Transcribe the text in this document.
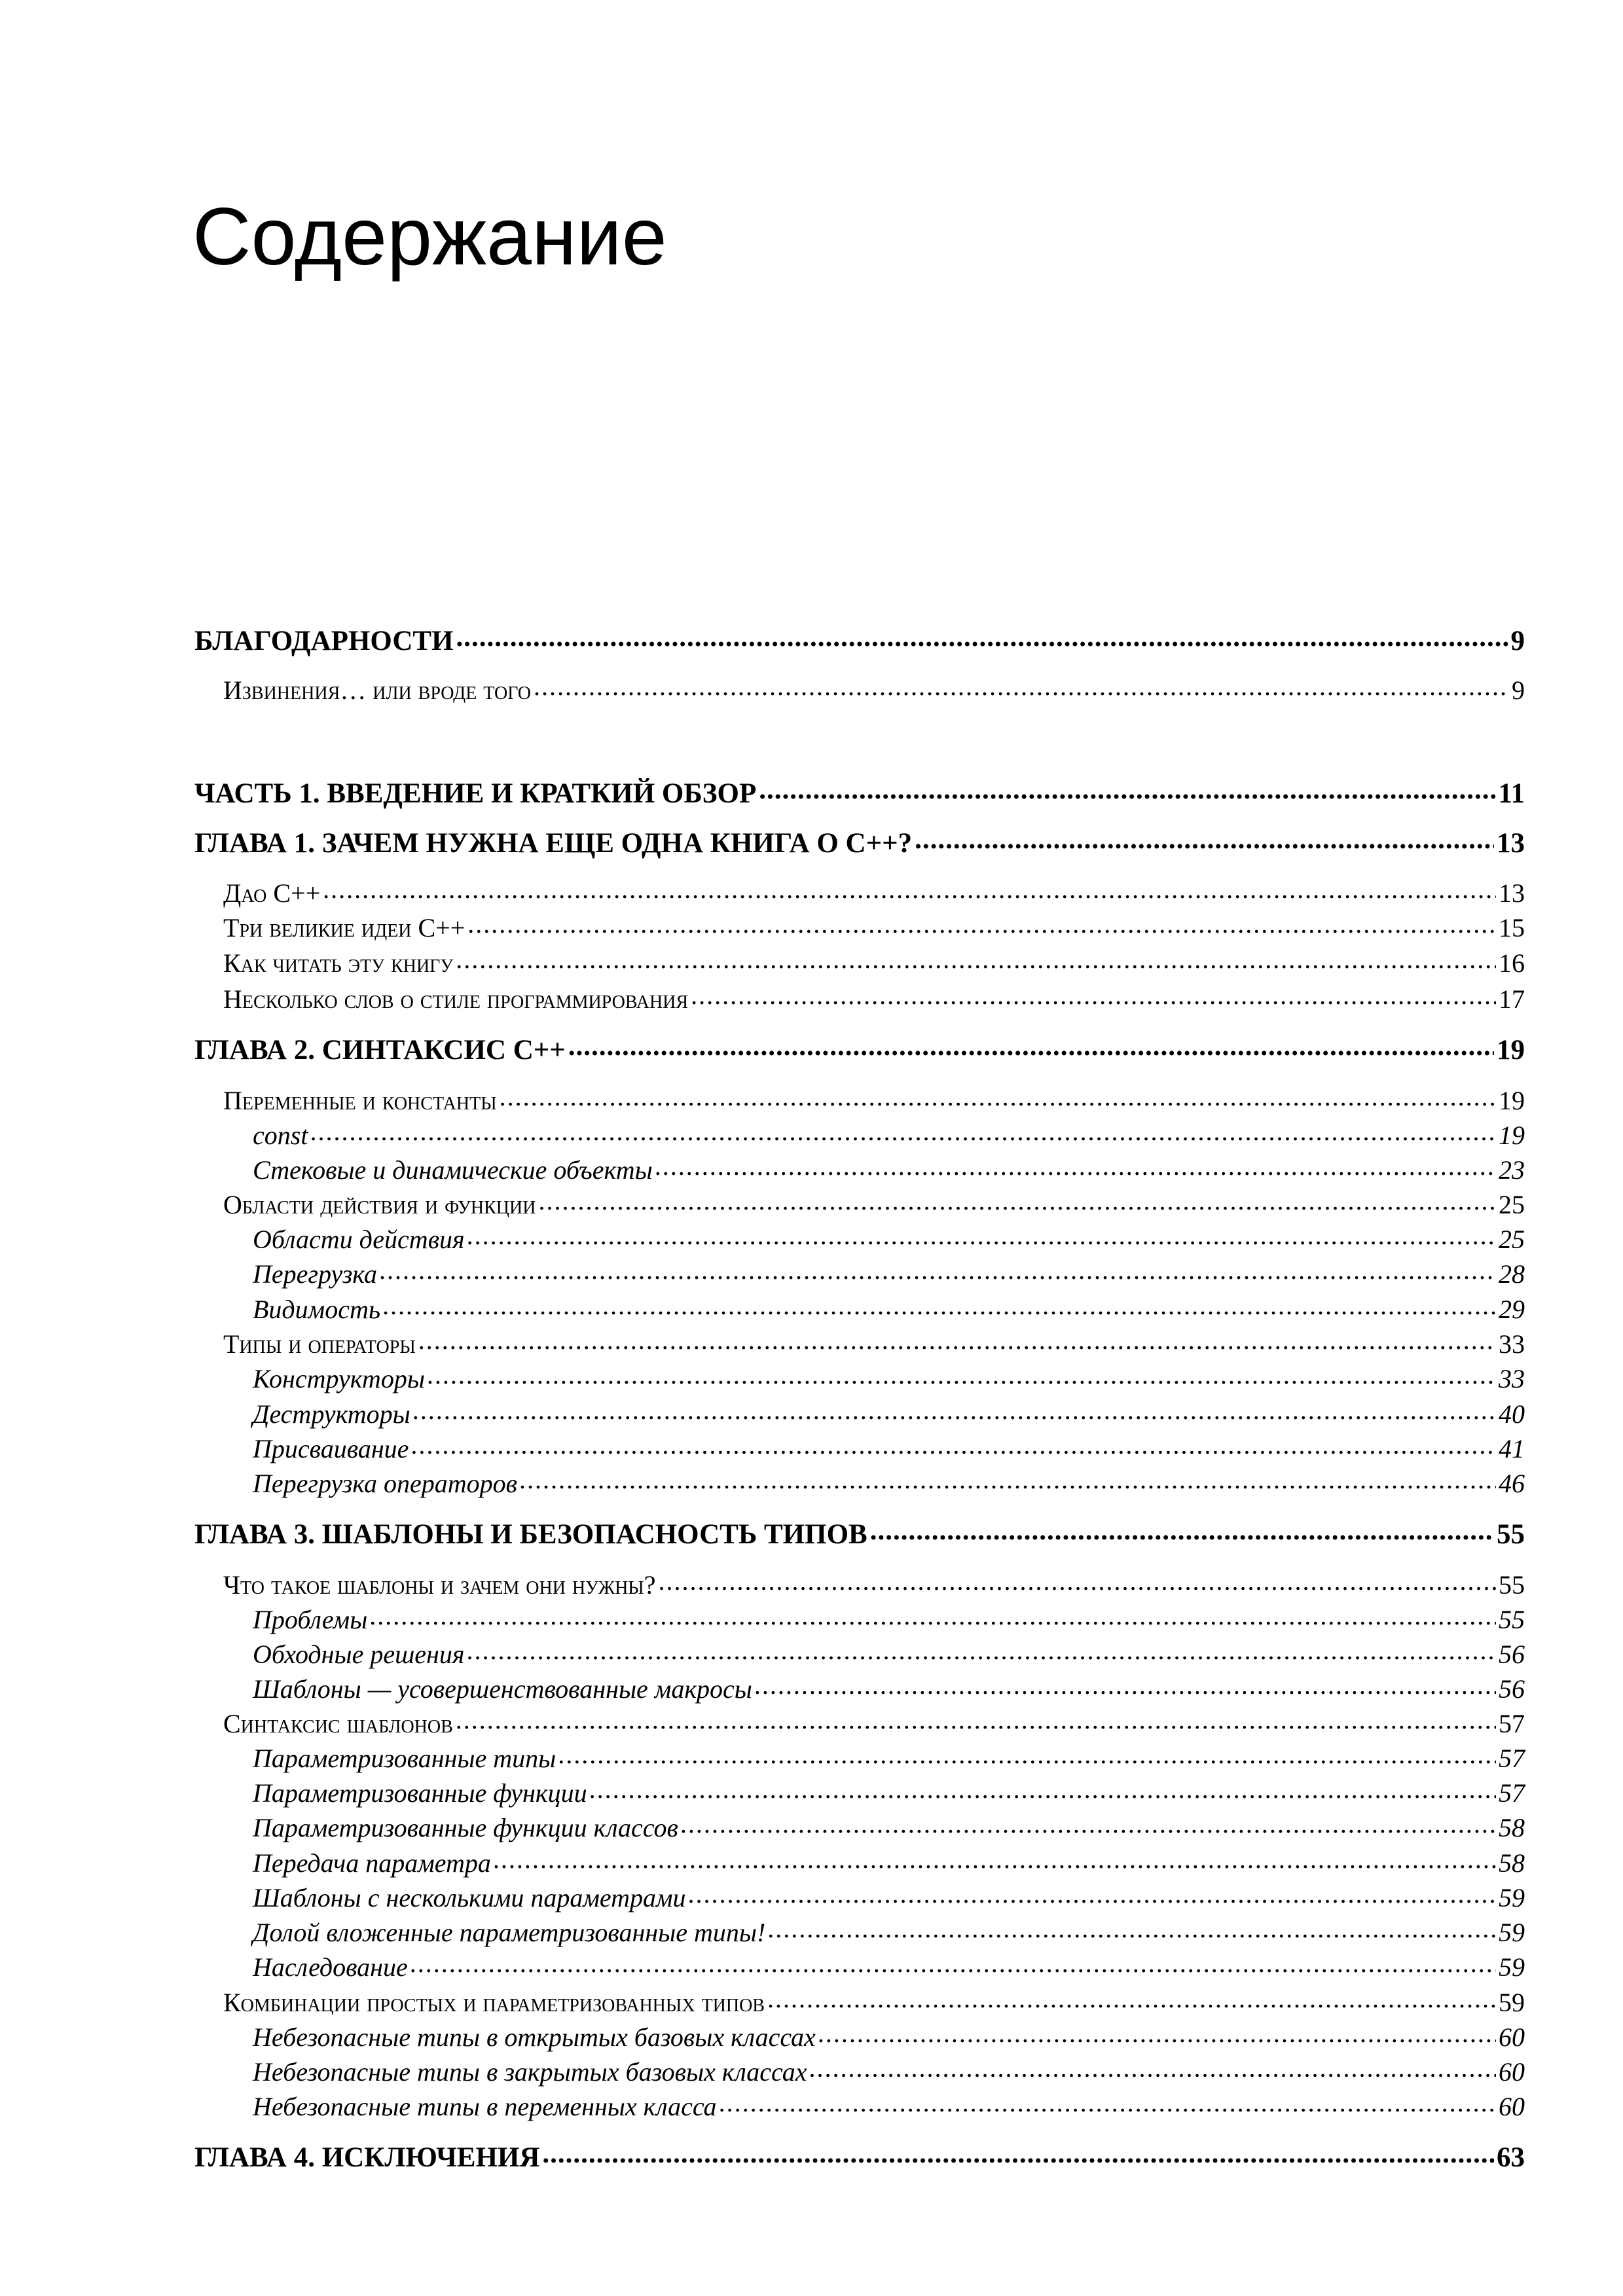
Содержание
БЛАГОДАРНОСТИ .....	9
Извинения… или вроде того .....	9
ЧАСТЬ 1. ВВЕДЕНИЕ И КРАТКИЙ ОБЗОР .....	11
ГЛАВА 1. ЗАЧЕМ НУЖНА ЕЩЕ ОДНА КНИГА О С++? .....	13
Дао С++ .....	13
Три великие идеи С++ .....	15
Как читать эту книгу .....	16
Несколько слов о стиле программирования .....	17
ГЛАВА 2. СИНТАКСИС С++ .....	19
Переменные и константы .....	19
const .....	19
Стековые и динамические объекты .....	23
Области действия и функции .....	25
Области действия .....	25
Перегрузка .....	28
Видимость .....	29
Типы и операторы .....	33
Конструкторы .....	33
Деструкторы .....	40
Присваивание .....	41
Перегрузка операторов .....	46
ГЛАВА 3. ШАБЛОНЫ И БЕЗОПАСНОСТЬ ТИПОВ .....	55
Что такое шаблоны и зачем они нужны? .....	55
Проблемы .....	55
Обходные решения .....	56
Шаблоны — усовершенствованные макросы .....	56
Синтаксис шаблонов .....	57
Параметризованные типы .....	57
Параметризованные функции .....	57
Параметризованные функции классов .....	58
Передача параметра .....	58
Шаблоны с несколькими параметрами .....	59
Долой вложенные параметризованные типы! .....	59
Наследование .....	59
Комбинации простых и параметризованных типов .....	59
Небезопасные типы в открытых базовых классах .....	60
Небезопасные типы в закрытых базовых классах .....	60
Небезопасные типы в переменных класса .....	60
ГЛАВА 4. ИСКЛЮЧЕНИЯ .....	63
